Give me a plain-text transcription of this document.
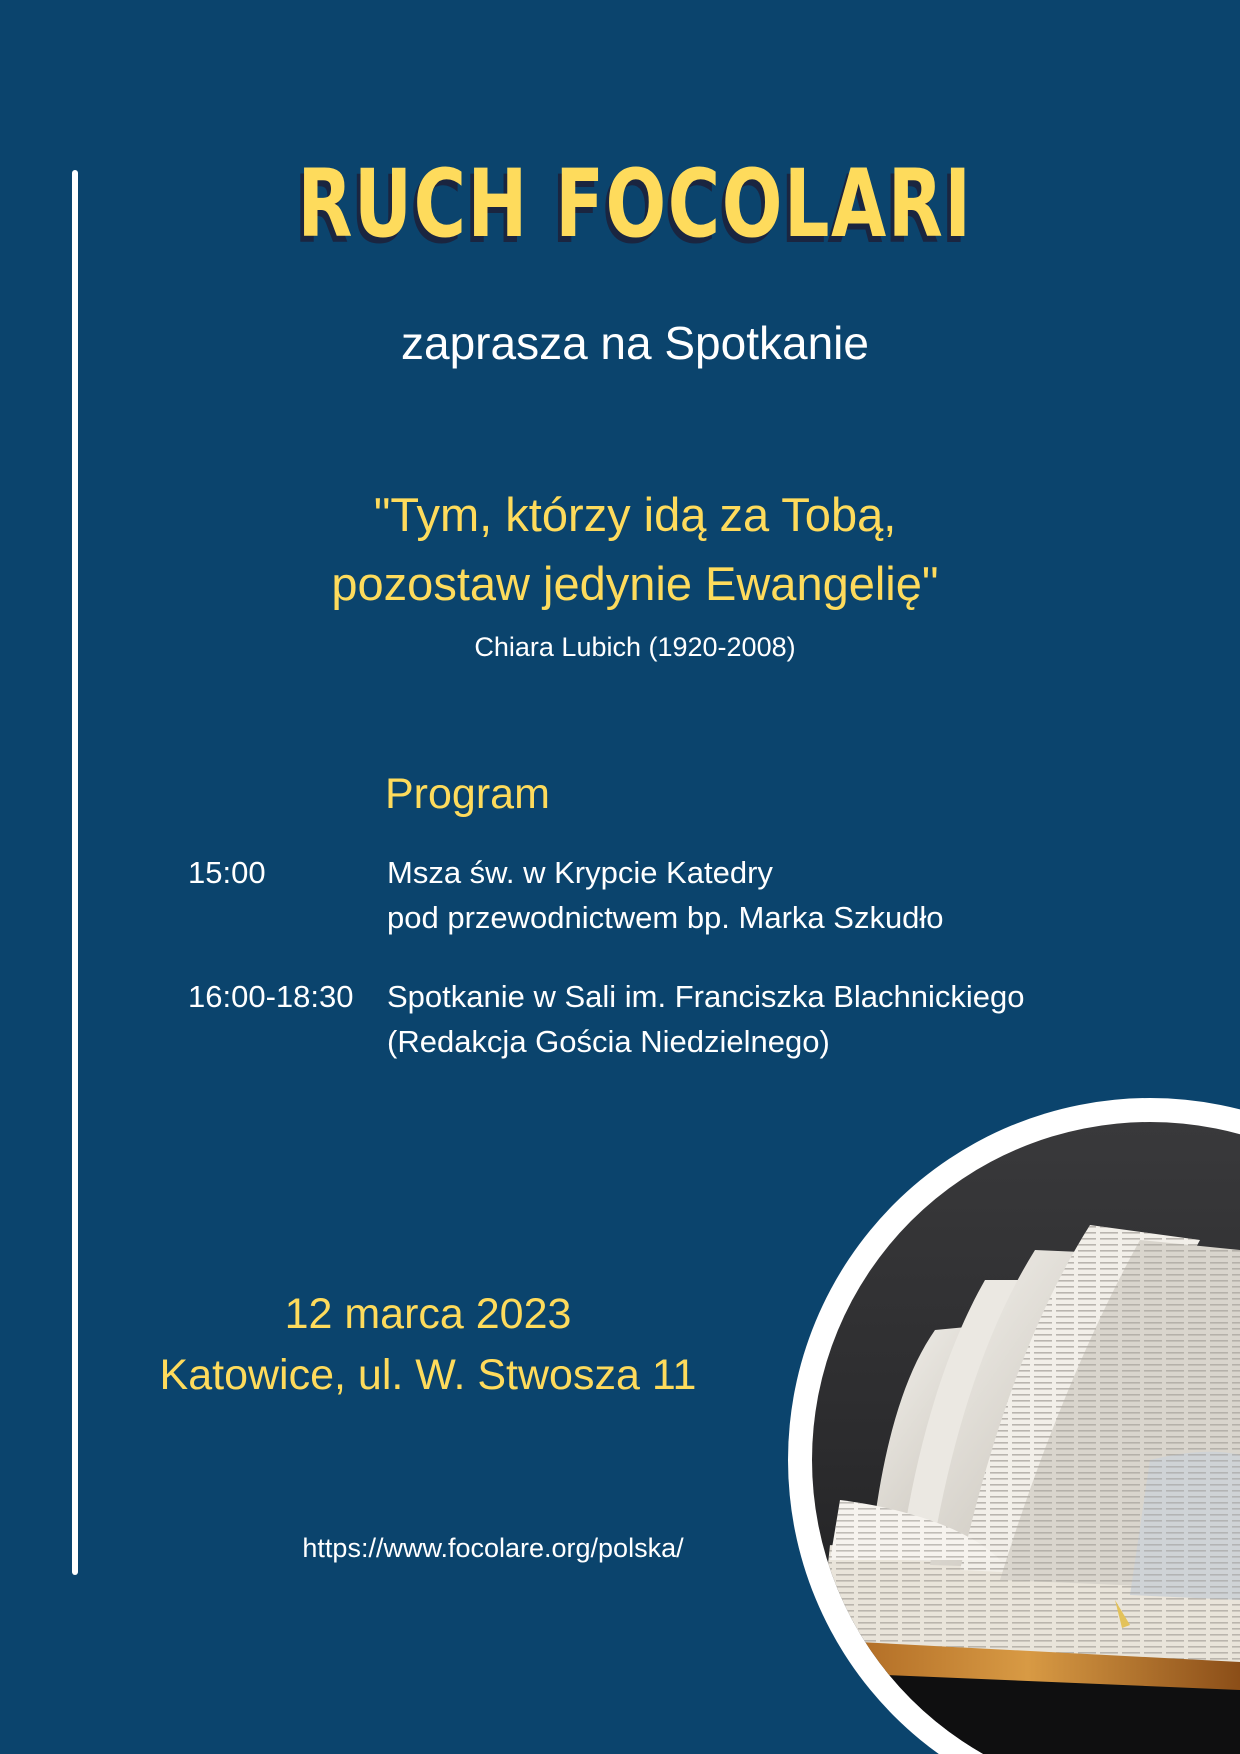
RUCH FOCOLARI
zaprasza na Spotkanie
"Tym, którzy idą za Tobą,
pozostaw jedynie Ewangelię"
Chiara Lubich (1920-2008)
Program
15:00	Msza św. w Krypcie Katedry
pod przewodnictwem bp. Marka Szkudło
16:00-18:30 Spotkanie w Sali im. Franciszka Blachnickiego
(Redakcja Gościa Niedzielnego)
12 marca 2023
Katowice, ul. W. Stwosza 11
https://www.focolare.org/polska/
